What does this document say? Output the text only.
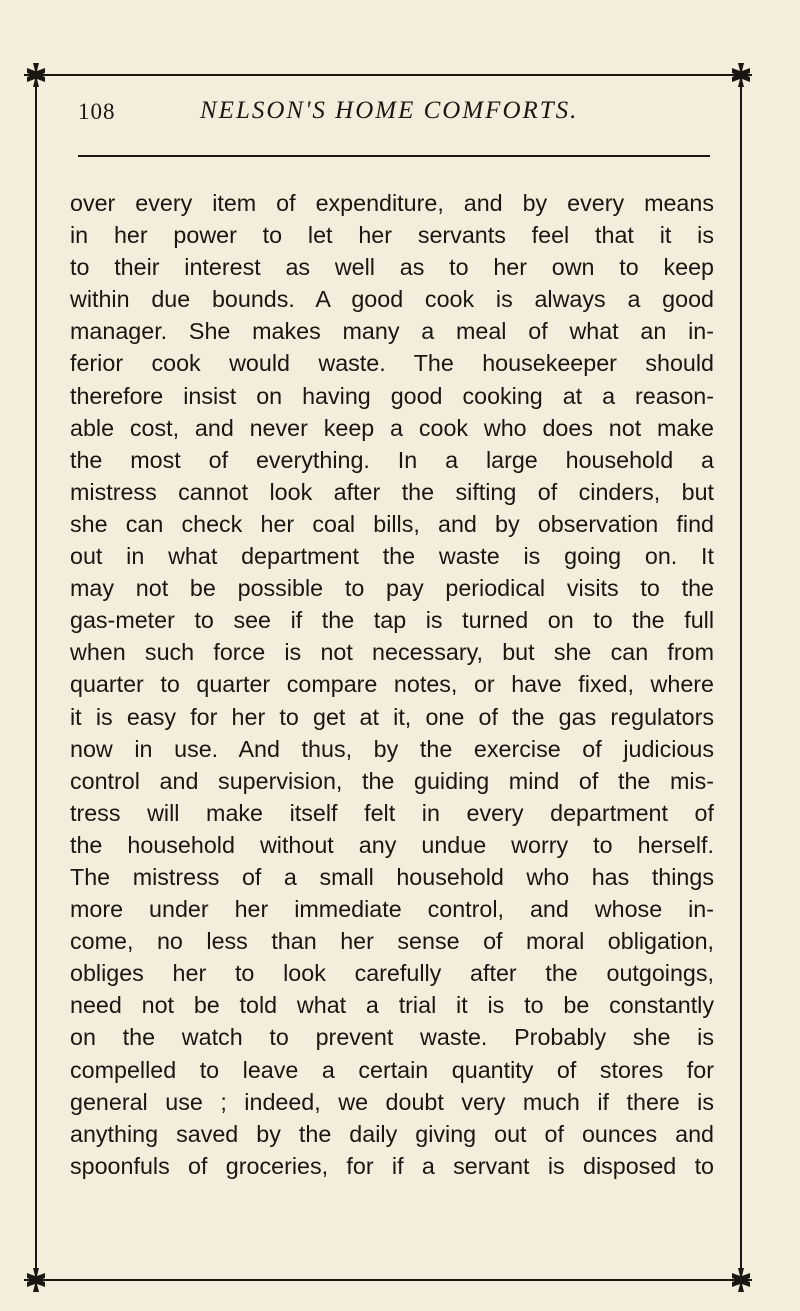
108	NELSON'S HOME COMFORTS.
over every item of expenditure, and by every means
in her power to let her servants feel that it is
to their interest as well as to her own to keep
within due bounds. A good cook is always a good
manager. She makes many a meal of what an in-
ferior cook would waste. The housekeeper should
therefore insist on having good cooking at a reason-
able cost, and never keep a cook who does not make
the most of everything. In a large household a
mistress cannot look after the sifting of cinders, but
she can check her coal bills, and by observation find
out in what department the waste is going on. It
may not be possible to pay periodical visits to the
gas-meter to see if the tap is turned on to the full
when such force is not necessary, but she can from
quarter to quarter compare notes, or have fixed, where
it is easy for her to get at it, one of the gas regulators
now in use. And thus, by the exercise of judicious
control and supervision, the guiding mind of the mis-
tress will make itself felt in every department of
the household without any undue worry to herself.
The mistress of a small household who has things
more under her immediate control, and whose in-
come, no less than her sense of moral obligation,
obliges her to look carefully after the outgoings,
need not be told what a trial it is to be constantly
on the watch to prevent waste. Probably she is
compelled to leave a certain quantity of stores for
general use ; indeed, we doubt very much if there is
anything saved by the daily giving out of ounces and
spoonfuls of groceries, for if a servant is disposed to
